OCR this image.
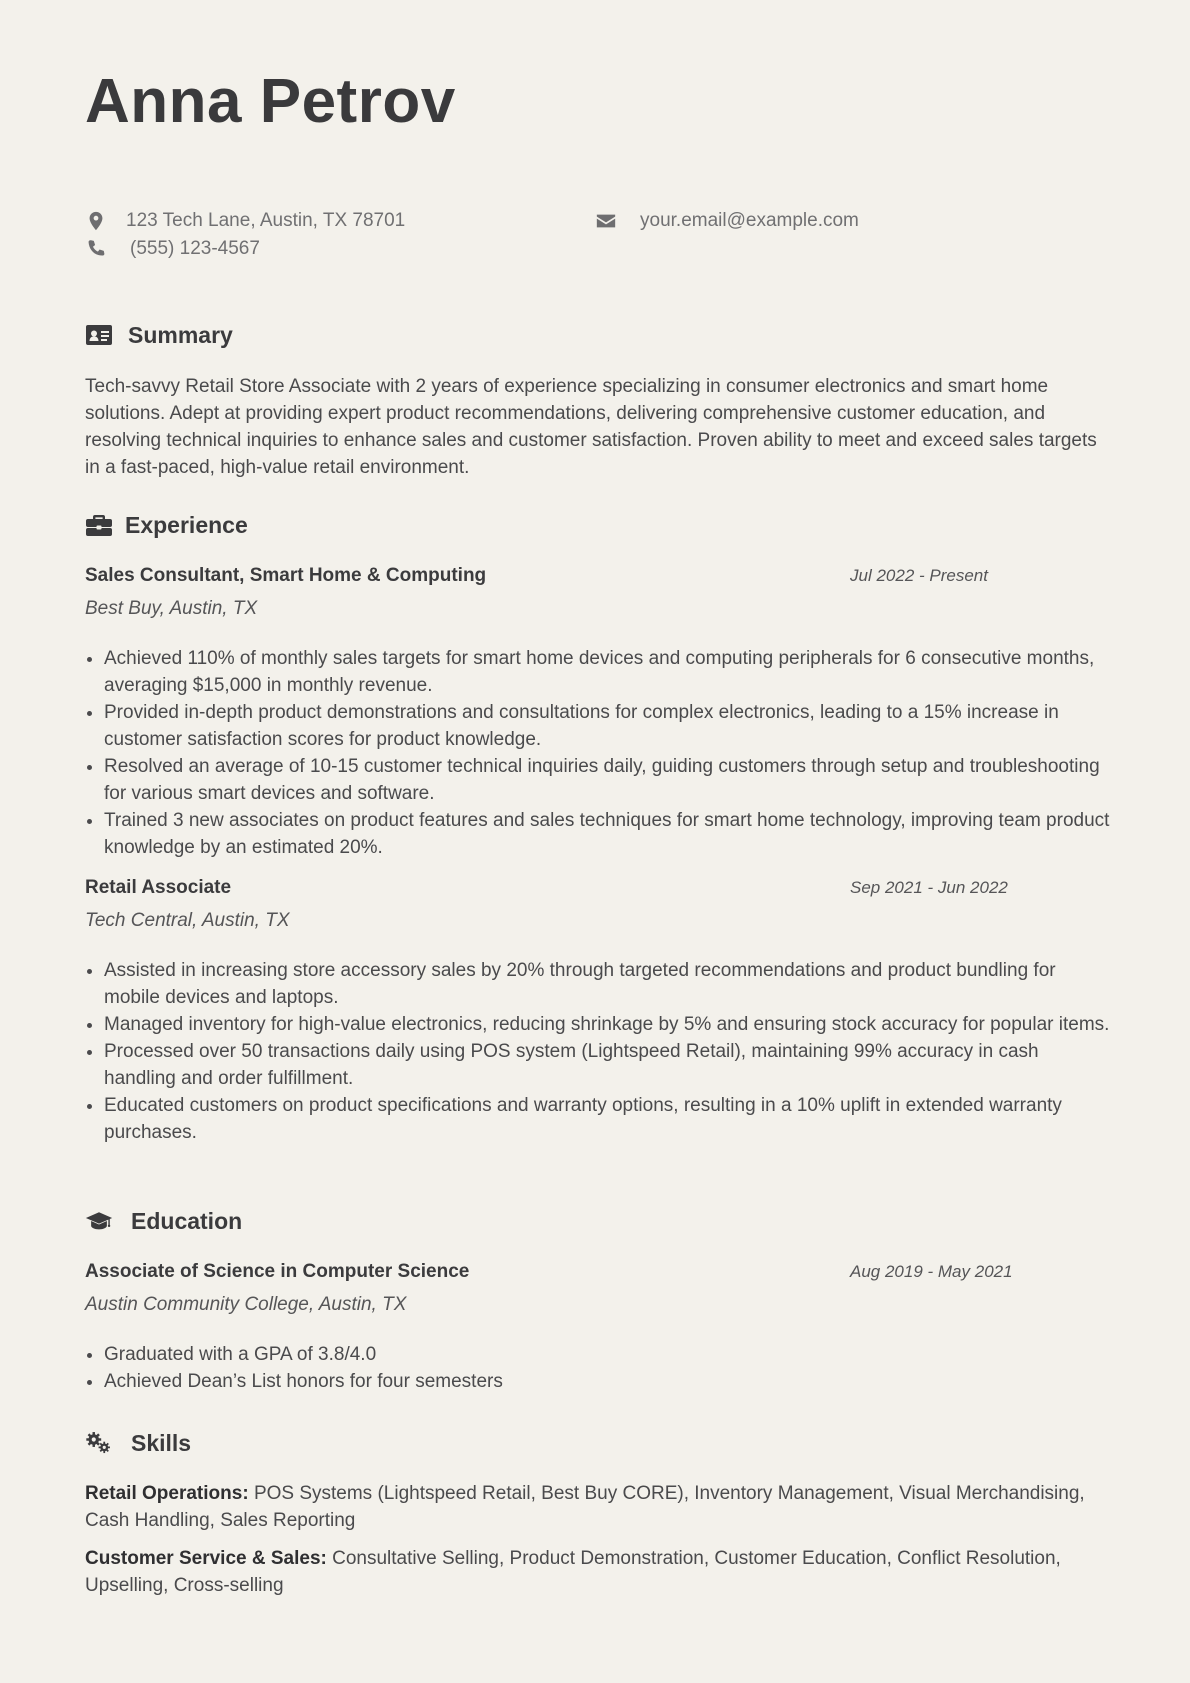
Anna Petrov
123 Tech Lane, Austin, TX 78701	your.email@example.com
(555) 123-4567
Summary

Tech-savvy Retail Store Associate with 2 years of experience specializing in consumer electronics and smart home solutions. Adept at providing expert product recommendations, delivering comprehensive customer education, and resolving technical inquiries to enhance sales and customer satisfaction. Proven ability to meet and exceed sales targets in a fast-paced, high-value retail environment.

Experience
Sales Consultant, Smart Home & Computing	Jul 2022 - Present
Best Buy, Austin, TX
Achieved 110% of monthly sales targets for smart home devices and computing peripherals for 6 consecutive months, averaging $15,000 in monthly revenue.
Provided in-depth product demonstrations and consultations for complex electronics, leading to a 15% increase in customer satisfaction scores for product knowledge.
Resolved an average of 10-15 customer technical inquiries daily, guiding customers through setup and troubleshooting for various smart devices and software.
Trained 3 new associates on product features and sales techniques for smart home technology, improving team product knowledge by an estimated 20%.
Retail Associate	Sep 2021 - Jun 2022
Tech Central, Austin, TX
Assisted in increasing store accessory sales by 20% through targeted recommendations and product bundling for mobile devices and laptops.
Managed inventory for high-value electronics, reducing shrinkage by 5% and ensuring stock accuracy for popular items.
Processed over 50 transactions daily using POS system (Lightspeed Retail), maintaining 99% accuracy in cash handling and order fulfillment.
Educated customers on product specifications and warranty options, resulting in a 10% uplift in extended warranty purchases.
Education
Associate of Science in Computer Science	Aug 2019 - May 2021
Austin Community College, Austin, TX
Graduated with a GPA of 3.8/4.0
Achieved Dean’s List honors for four semesters
Skills

Retail Operations: POS Systems (Lightspeed Retail, Best Buy CORE), Inventory Management, Visual Merchandising, Cash Handling, Sales Reporting

Customer Service & Sales: Consultative Selling, Product Demonstration, Customer Education, Conflict Resolution, Upselling, Cross-selling
